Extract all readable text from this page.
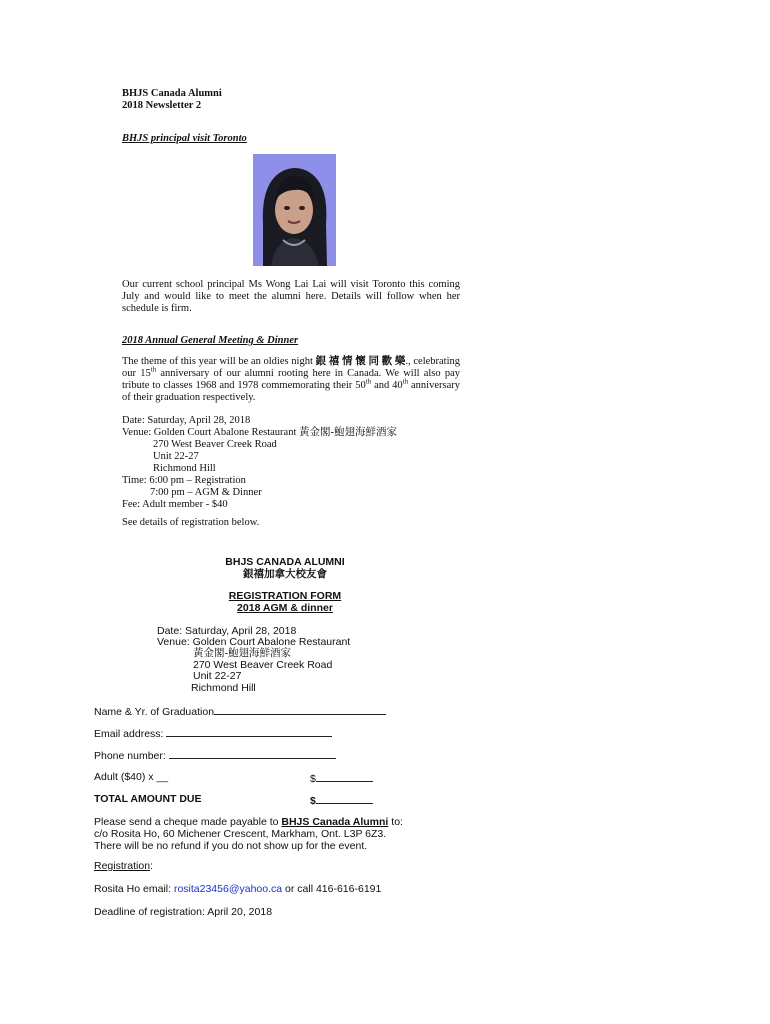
BHJS Canada Alumni
2018 Newsletter 2
BHJS principal visit Toronto
Our current school principal Ms Wong Lai Lai will visit Toronto this coming July and would like to meet the alumni here. Details will follow when her schedule is firm.
2018 Annual General Meeting & Dinner
The theme of this year will be an oldies night 銀 禧 情 懷 同 歡 樂., celebrating our 15th anniversary of our alumni rooting here in Canada. We will also pay tribute to classes 1968 and 1978 commemorating their 50th and 40th anniversary of their graduation respectively.
Date: Saturday, April 28, 2018
Venue: Golden Court Abalone Restaurant 黃金閣-鮑翅海鮮酒家
270 West Beaver Creek Road
Unit 22-27
Richmond Hill
Time: 6:00 pm – Registration
7:00 pm – AGM & Dinner
Fee: Adult member - $40
See details of registration below.
BHJS CANADA ALUMNI
銀禧加拿大校友會
REGISTRATION FORM
2018 AGM & dinner
Date: Saturday, April 28, 2018
Venue: Golden Court Abalone Restaurant
黃金閣-鮑翅海鮮酒家
270 West Beaver Creek Road
Unit 22-27
Richmond Hill
Name & Yr. of Graduation
Email address:
Phone number:
Adult ($40) x __	$
TOTAL AMOUNT DUE	$
Please send a cheque made payable to BHJS Canada Alumni to:
c/o Rosita Ho, 60 Michener Crescent, Markham, Ont. L3P 6Z3.
There will be no refund if you do not show up for the event.
Registration:
Rosita Ho email: rosita23456@yahoo.ca or call 416-616-6191
Deadline of registration: April 20, 2018
